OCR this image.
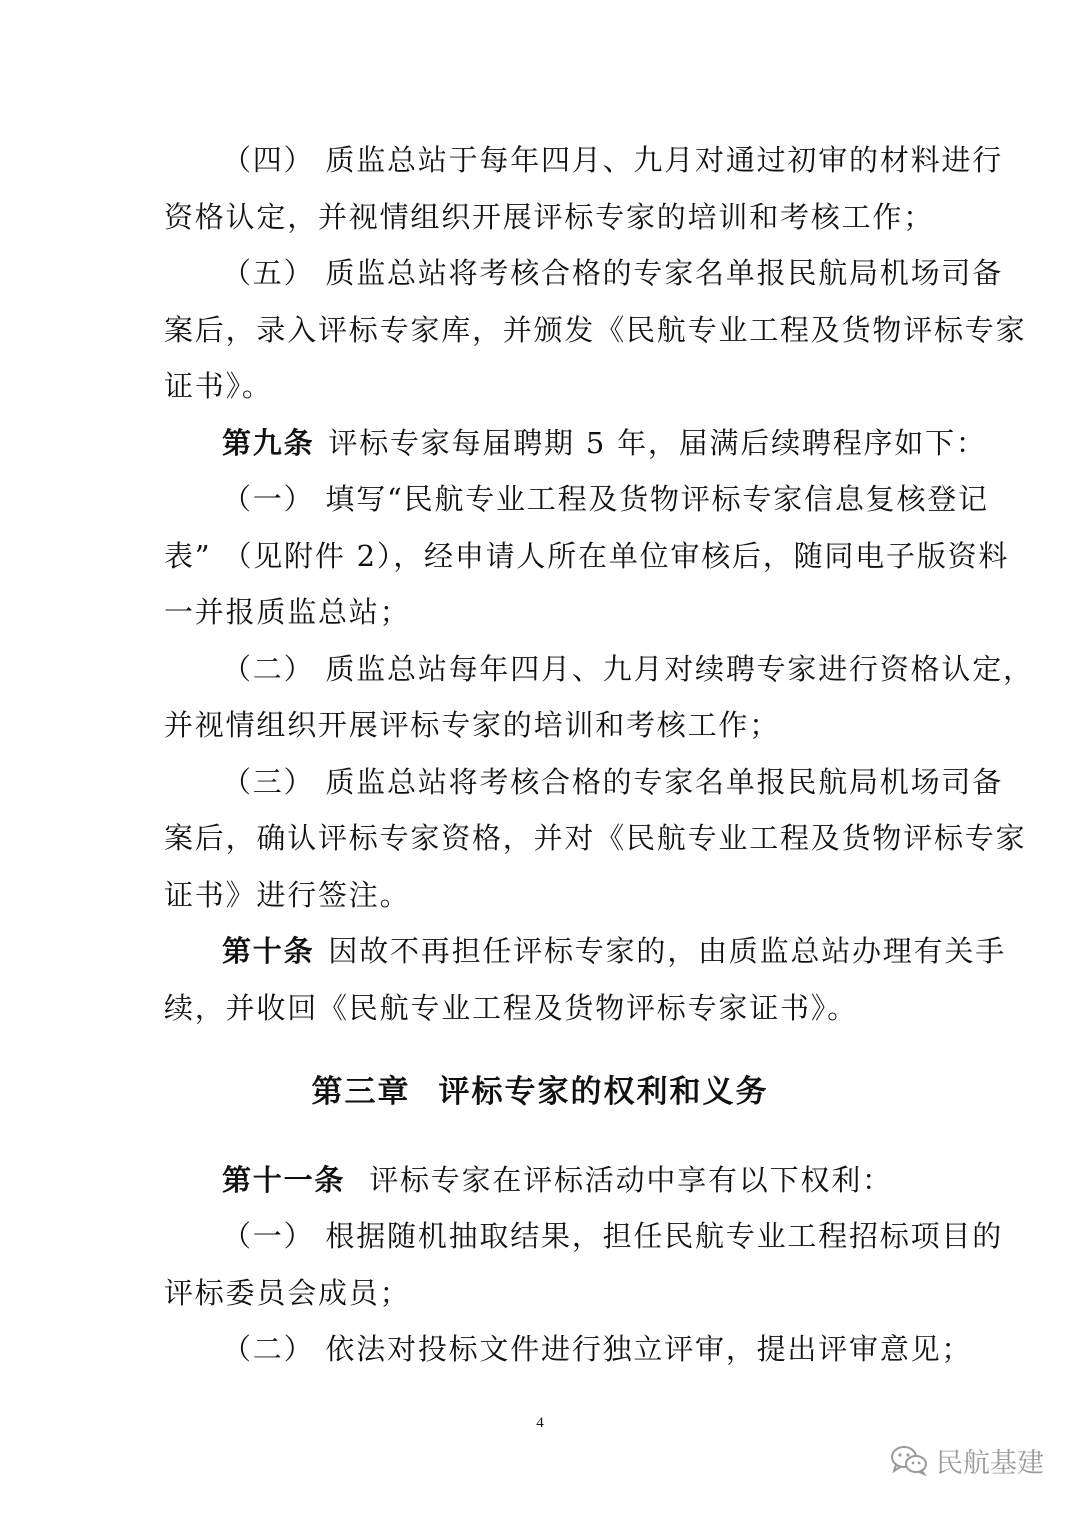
（四） 质监总站于每年四月、九月对通过初审的材料进行
资格认定，并视情组织开展评标专家的培训和考核工作；
（五） 质监总站将考核合格的专家名单报民航局机场司备
案后，录入评标专家库，并颁发《民航专业工程及货物评标专家
证书》。
第九条 评标专家每届聘期 5 年，届满后续聘程序如下：
（一） 填写“民航专业工程及货物评标专家信息复核登记
表” （见附件 2），经申请人所在单位审核后，随同电子版资料
一并报质监总站；
（二） 质监总站每年四月、九月对续聘专家进行资格认定，
并视情组织开展评标专家的培训和考核工作；
（三） 质监总站将考核合格的专家名单报民航局机场司备
案后，确认评标专家资格，并对《民航专业工程及货物评标专家
证书》进行签注。
第十条 因故不再担任评标专家的，由质监总站办理有关手
续，并收回《民航专业工程及货物评标专家证书》。
第三章 评标专家的权利和义务
第十一条 评标专家在评标活动中享有以下权利：
（一） 根据随机抽取结果，担任民航专业工程招标项目的
评标委员会成员；
（二） 依法对投标文件进行独立评审，提出评审意见；
4
民航基建
